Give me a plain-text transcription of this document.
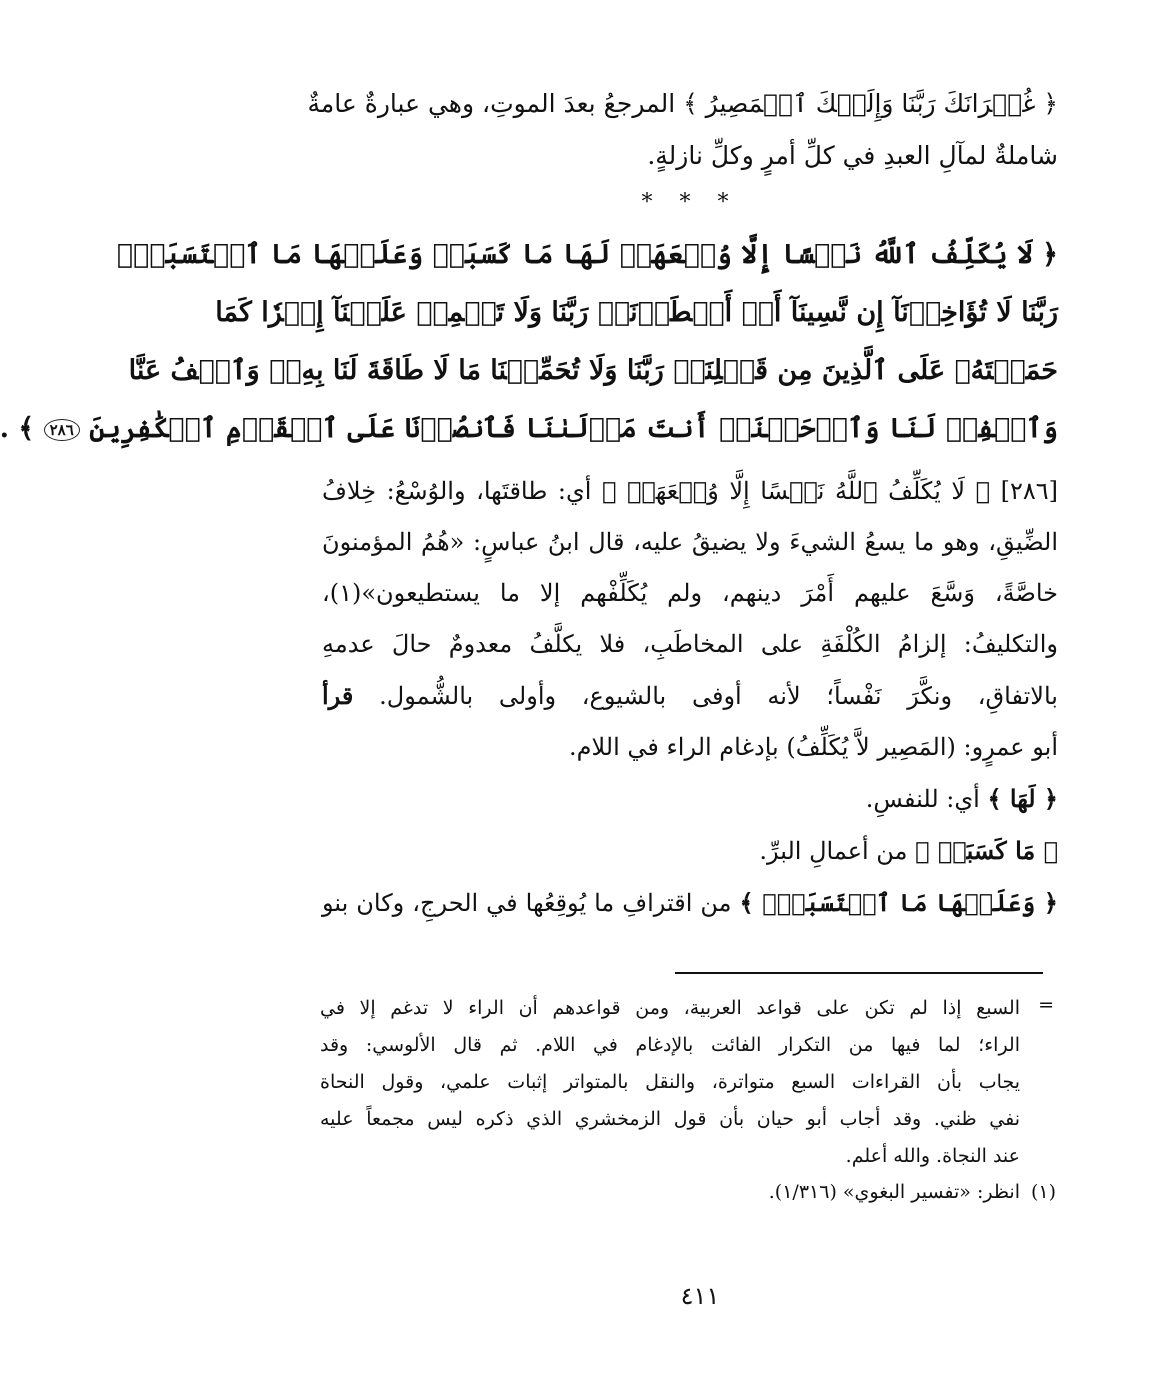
﴿ غُفۡرَانَكَ رَبَّنَا وَإِلَيۡكَ ٱلۡمَصِيرُ ﴾ المرجعُ بعدَ الموتِ، وهي عبارةٌ عامةٌ

شاملةٌ لمآلِ العبدِ في كلِّ أمرٍ وكلِّ نازلةٍ.

* * *

﴿ لَا يُكَلِّفُ ٱللَّهُ نَفۡسًا إِلَّا وُسۡعَهَاۚ لَهَا مَا كَسَبَتۡ وَعَلَيۡهَا مَا ٱكۡتَسَبَتۡۗ

رَبَّنَا لَا تُؤَاخِذۡنَآ إِن نَّسِينَآ أَوۡ أَخۡطَأۡنَاۚ رَبَّنَا وَلَا تَحۡمِلۡ عَلَيۡنَآ إِصۡرٗا كَمَا

حَمَلۡتَهُۥ عَلَى ٱلَّذِينَ مِن قَبۡلِنَاۚ رَبَّنَا وَلَا تُحَمِّلۡنَا مَا لَا طَاقَةَ لَنَا بِهِۦۖ وَٱعۡفُ عَنَّا

وَٱغۡفِرۡ لَنَا وَٱرۡحَمۡنَآۚ أَنتَ مَوۡلَىٰنَا فَٱنصُرۡنَا عَلَى ٱلۡقَوۡمِ ٱلۡكَٰفِرِينَ ٢٨٦ ﴾ .

[٢٨٦] ﴿ لَا يُكَلِّفُ ٱللَّهُ نَفۡسًا إِلَّا وُسۡعَهَاۚ ﴾ أي: طاقتَها، والوُسْعُ: خِلافُ

الضِّيقِ، وهو ما يسعُ الشيءَ ولا يضيقُ عليه، قال ابنُ عباسٍ: «هُمُ المؤمنونَ

خاصَّةً، وَسَّعَ عليهم أَمْرَ دينهم، ولم يُكَلِّفْهم إلا ما يستطيعون»(١)،

والتكليفُ: إلزامُ الكُلْفَةِ على المخاطَبِ، فلا يكلَّفُ معدومٌ حالَ عدمهِ

بالاتفاقِ، ونكَّرَ نَفْساً؛ لأنه أوفى بالشيوع، وأولى بالشُّمول. قرأ

أبو عمرٍو: (المَصِير لاَّ يُكَلِّفُ) بإدغام الراء في اللام.

﴿ لَهَا ﴾ أي: للنفسِ.

﴿ مَا كَسَبَتۡ ﴾ من أعمالِ البرِّ.

﴿ وَعَلَيۡهَا مَا ٱكۡتَسَبَتۡۗ ﴾ من اقترافِ ما يُوقِعُها في الحرجِ، وكان بنو

=

السبع إذا لم تكن على قواعد العربية، ومن قواعدهم أن الراء لا تدغم إلا في

الراء؛ لما فيها من التكرار الفائت بالإدغام في اللام. ثم قال الألوسي: وقد

يجاب بأن القراءات السبع متواترة، والنقل بالمتواتر إثبات علمي، وقول النحاة

نفي ظني. وقد أجاب أبو حيان بأن قول الزمخشري الذي ذكره ليس مجمعاً عليه

عند النجاة. والله أعلم.

(١)انظر: «تفسير البغوي» (١/٣١٦).

٤١١
